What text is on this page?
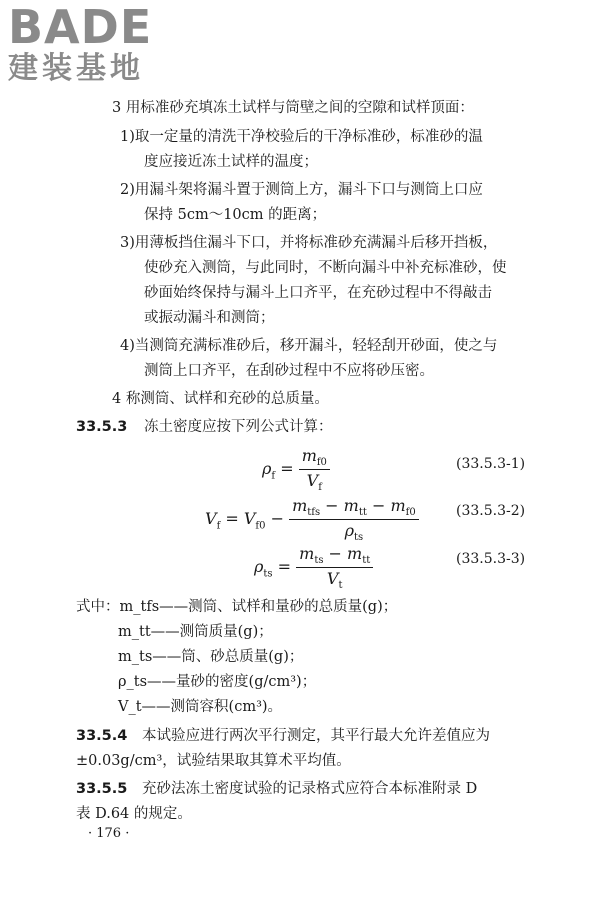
BADE
建装基地
3 用标准砂充填冻土试样与筒壁之间的空隙和试样顶面：
1)取一定量的清洗干净校验后的干净标准砂，标准砂的温
度应接近冻土试样的温度；
2)用漏斗架将漏斗置于测筒上方，漏斗下口与测筒上口应
保持 5cm～10cm 的距离；
3)用薄板挡住漏斗下口，并将标准砂充满漏斗后移开挡板，
使砂充入测筒，与此同时，不断向漏斗中补充标准砂，使
砂面始终保持与漏斗上口齐平，在充砂过程中不得敲击
或振动漏斗和测筒；
4)当测筒充满标准砂后，移开漏斗，轻轻刮开砂面，使之与
测筒上口齐平，在刮砂过程中不应将砂压密。
4 称测筒、试样和充砂的总质量。
33.5.3 冻土密度应按下列公式计算：
$\rho_f = \frac{m_{f0}}{V_f}$	(33.5.3-1)
$V_f = V_{f0} - \frac{m_{tfs} - m_{tt} - m_{f0}}{\rho_{ts}}$	(33.5.3-2)
$\rho_{ts} = \frac{m_{ts} - m_{tt}}{V_t}$	(33.5.3-3)
式中：m_tfs——测筒、试样和量砂的总质量(g)；
m_tt——测筒质量(g)；
m_ts——筒、砂总质量(g)；
ρ_ts——量砂的密度(g/cm³)；
V_t——测筒容积(cm³)。
33.5.4 本试验应进行两次平行测定，其平行最大允许差值应为
±0.03g/cm³，试验结果取其算术平均值。
33.5.5 充砂法冻土密度试验的记录格式应符合本标准附录 D
表 D.64 的规定。
· 176 ·
